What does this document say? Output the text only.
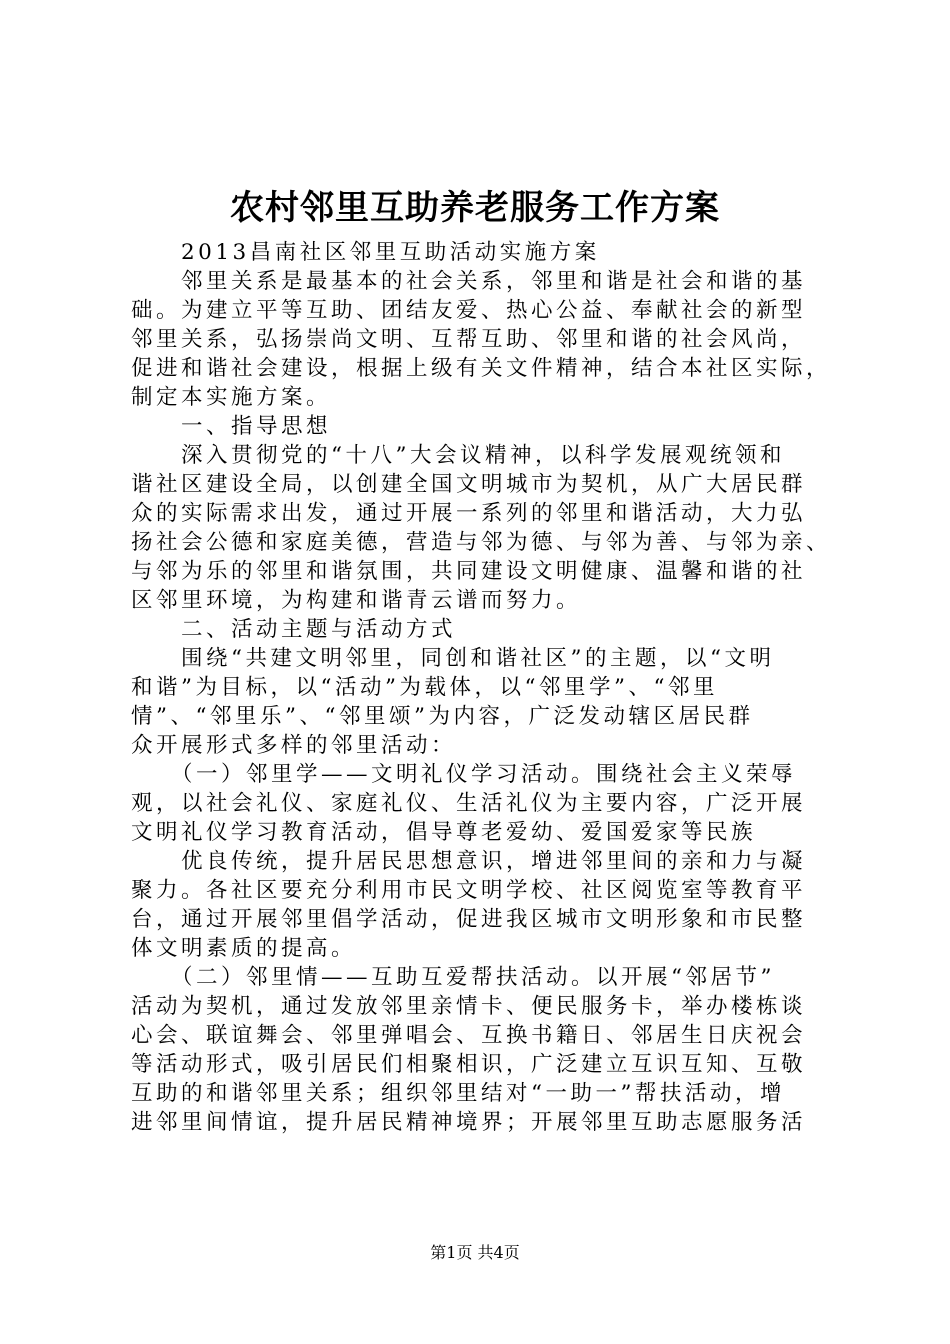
农村邻里互助养老服务工作方案
2013昌南社区邻里互助活动实施方案
邻里关系是最基本的社会关系，邻里和谐是社会和谐的基
础。为建立平等互助、团结友爱、热心公益、奉献社会的新型
邻里关系，弘扬崇尚文明、互帮互助、邻里和谐的社会风尚，
促进和谐社会建设，根据上级有关文件精神，结合本社区实际，
制定本实施方案。
一、指导思想
深入贯彻党的“十八”大会议精神，以科学发展观统领和
谐社区建设全局，以创建全国文明城市为契机，从广大居民群
众的实际需求出发，通过开展一系列的邻里和谐活动，大力弘
扬社会公德和家庭美德，营造与邻为德、与邻为善、与邻为亲、
与邻为乐的邻里和谐氛围，共同建设文明健康、温馨和谐的社
区邻里环境，为构建和谐青云谱而努力。
二、活动主题与活动方式
围绕“共建文明邻里，同创和谐社区”的主题，以“文明
和谐”为目标，以“活动”为载体，以“邻里学”、“邻里
情”、“邻里乐”、“邻里颂”为内容，广泛发动辖区居民群
众开展形式多样的邻里活动：
（一）邻里学——文明礼仪学习活动。围绕社会主义荣辱
观，以社会礼仪、家庭礼仪、生活礼仪为主要内容，广泛开展
文明礼仪学习教育活动，倡导尊老爱幼、爱国爱家等民族
优良传统，提升居民思想意识，增进邻里间的亲和力与凝
聚力。各社区要充分利用市民文明学校、社区阅览室等教育平
台，通过开展邻里倡学活动，促进我区城市文明形象和市民整
体文明素质的提高。
（二）邻里情——互助互爱帮扶活动。以开展“邻居节”
活动为契机，通过发放邻里亲情卡、便民服务卡，举办楼栋谈
心会、联谊舞会、邻里弹唱会、互换书籍日、邻居生日庆祝会
等活动形式，吸引居民们相聚相识，广泛建立互识互知、互敬
互助的和谐邻里关系；组织邻里结对“一助一”帮扶活动，增
进邻里间情谊，提升居民精神境界；开展邻里互助志愿服务活
第1页 共4页
